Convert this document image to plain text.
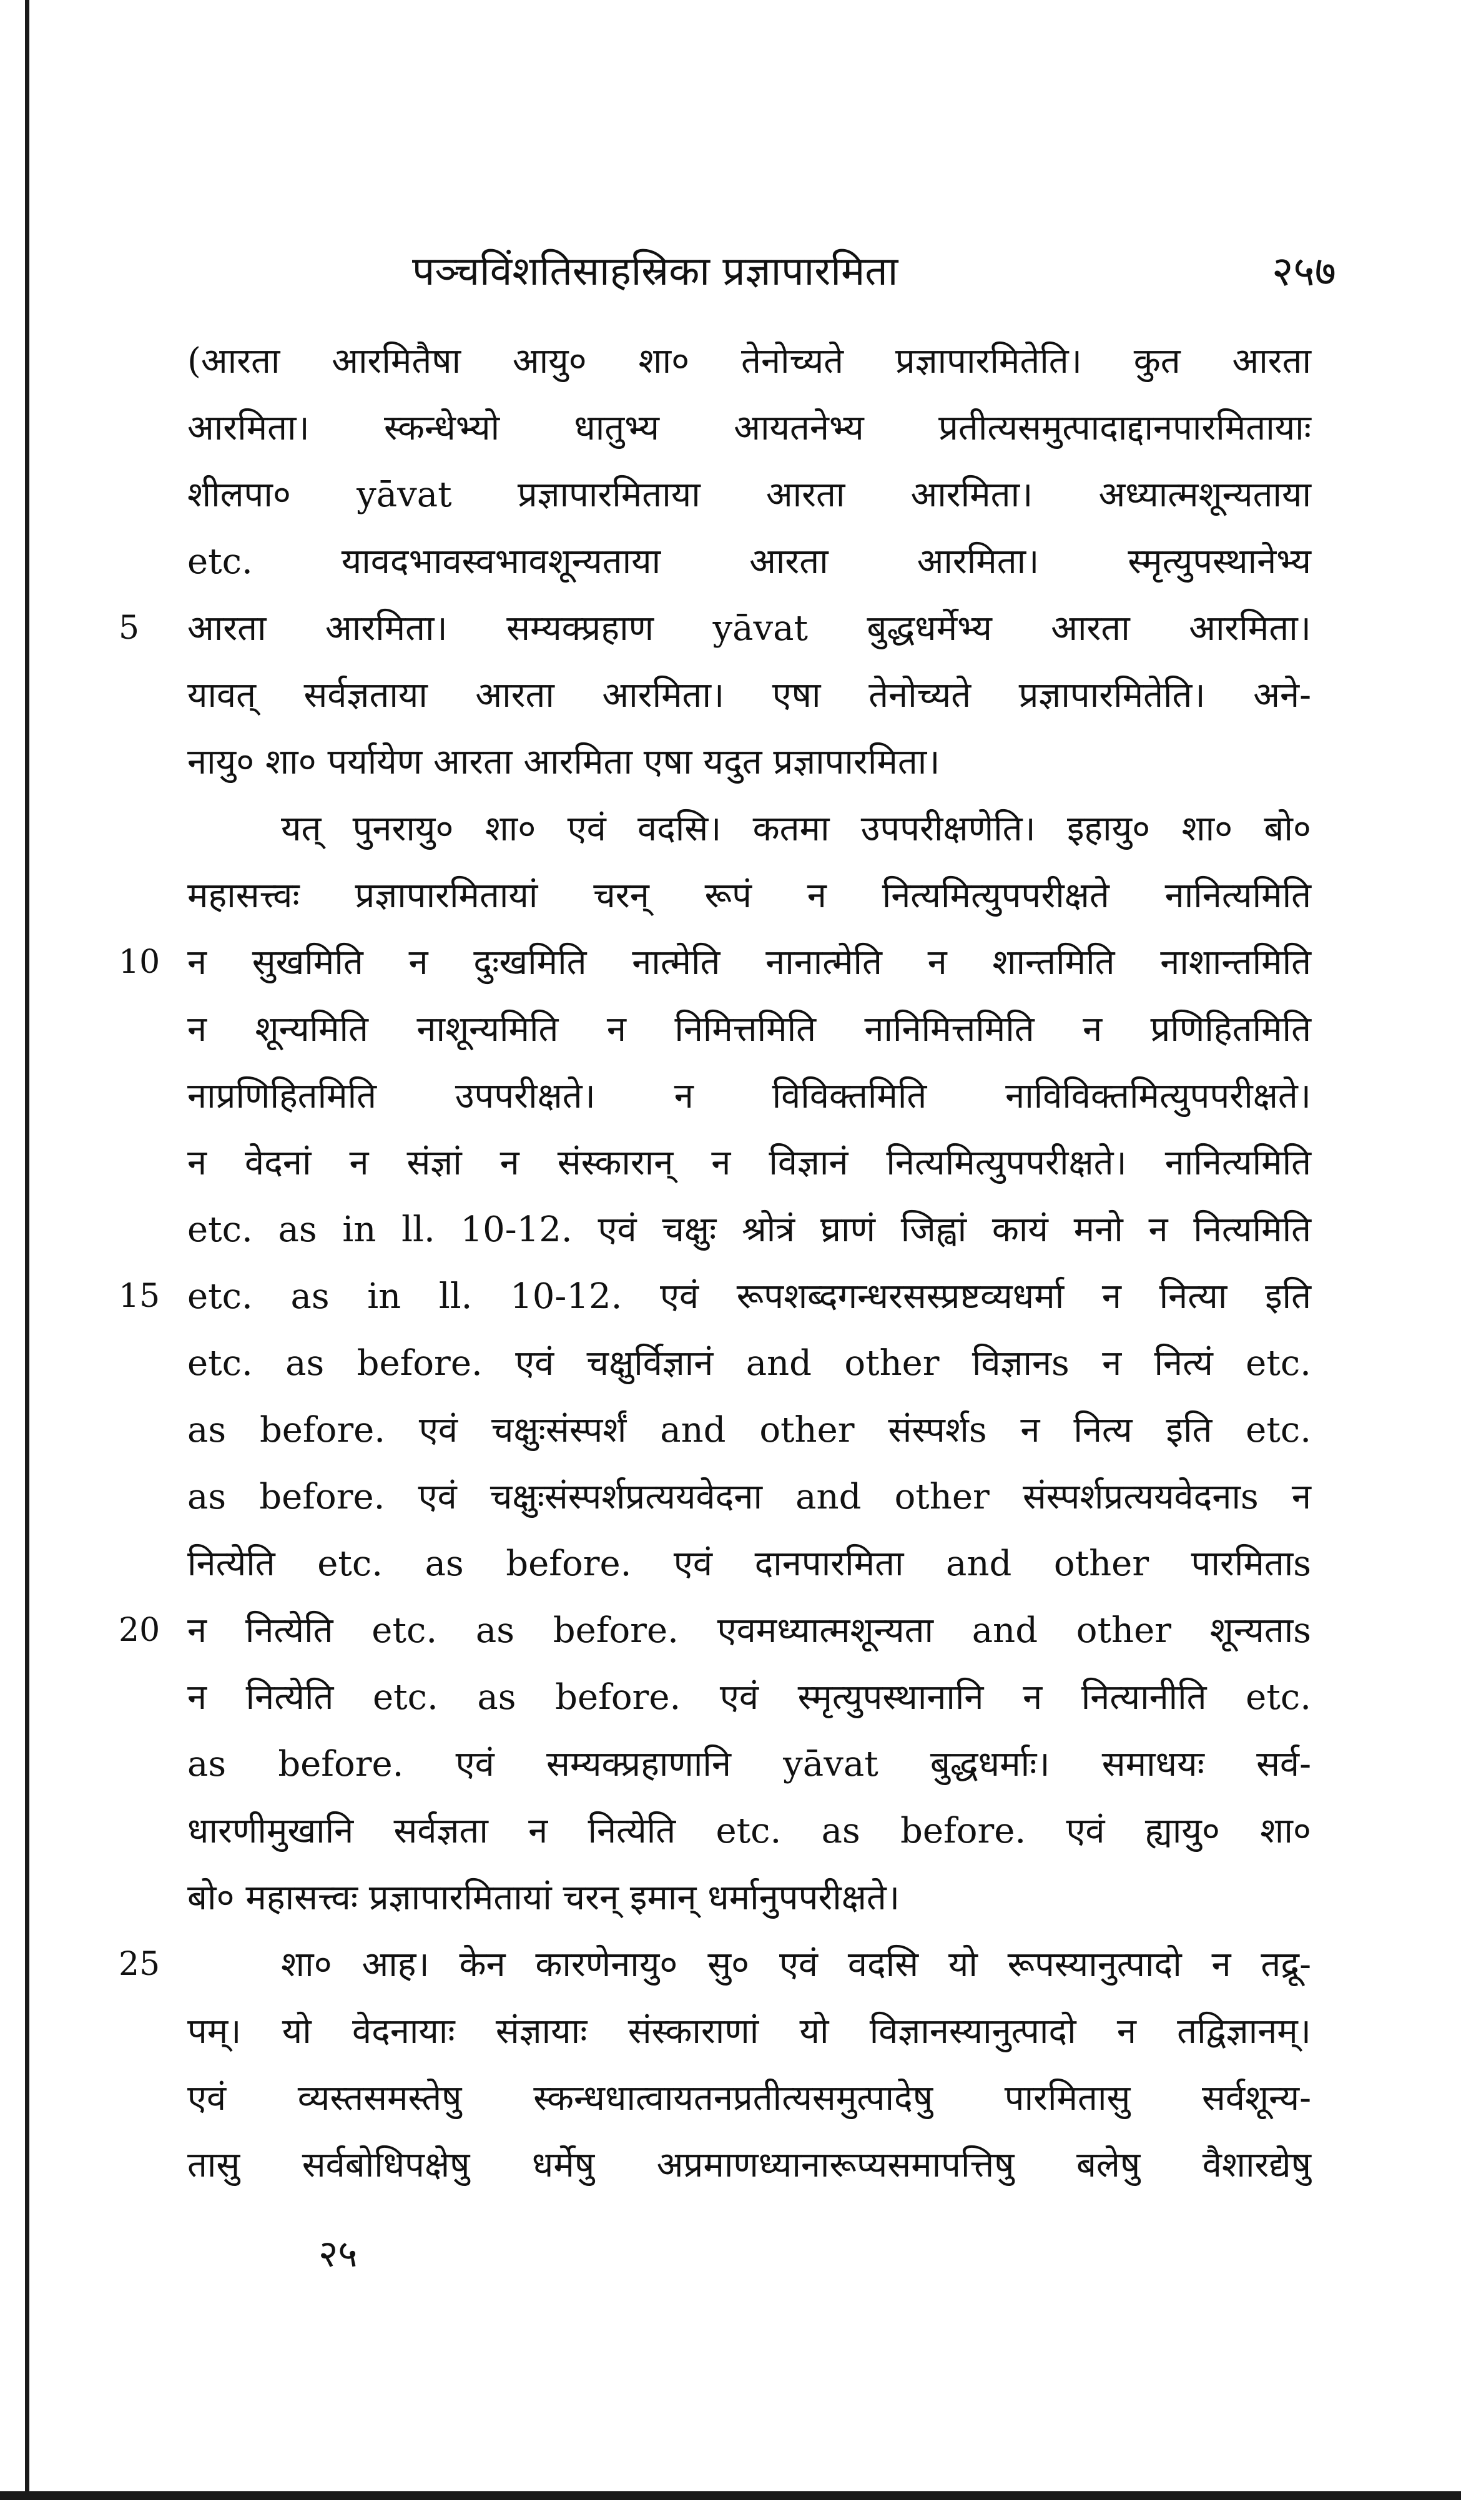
पञ्चविंशतिसाहस्रिका प्रज्ञापारमिता	२५७
(आरता आरमितैषा आयु० शा० तेनोच्यते प्रज्ञापारमितेति। कुत आरता
आरमिता। स्कन्धेभ्यो धातुभ्य आयतनेभ्य प्रतीत्यसमुत्पादाद्दानपारमितायाः
शीलपा० yāvat प्रज्ञापारमिताया आरता आरमिता। अध्यात्मशून्यताया
etc. यावदभावस्वभावशून्यताया आरता आरमिता। स्मृत्युपस्थानेभ्य
5	आरता आरमिता। सम्यक्प्रहाण yāvat बुद्धधर्मेभ्य आरता आरमिता।
यावत् सर्वज्ञताया आरता आरमिता। एषा तेनोच्यते प्रज्ञापारमितेति। अने-
नायु० शा० पर्यायेण आरता आरमिता एषा यदुत प्रज्ञापारमिता।
यत् पुनरायु० शा० एवं वदसि। कतमा उपपरीक्षणेति। इहायु० शा० बो०
महासत्त्वः प्रज्ञापारमितायां चरन् रूपं न नित्यमित्युपपरीक्षते नानित्यमिति
10 न सुखमिति न दुःखमिति नात्मेति नानात्मेति न शान्तमिति नाशान्तमिति
न शून्यमिति नाशून्यमिति न निमित्तमिति नानिमित्तमिति न प्रणिहितमिति
नाप्रणिहितमिति उपपरीक्षते। न विविक्तमिति नाविविक्तमित्युपपरीक्षते।
न वेदनां न संज्ञां न संस्कारान् न विज्ञानं नित्यमित्युपपरीक्षते। नानित्यमिति
etc. as in ll. 10-12. एवं चक्षुः श्रोत्रं घ्राणं जिह्वां कायं मनो न नित्यमिति
15 etc. as in ll. 10-12. एवं रूपशब्दगन्धरसस्प्रष्टव्यधर्मा न नित्या इति
etc. as before. एवं चक्षुर्विज्ञानं and other विज्ञानs न नित्यं etc.
as before. एवं चक्षुःसंस्पर्शं and other संस्पर्शs न नित्य इति etc.
as before. एवं चक्षुःसंस्पर्शप्रत्ययवेदना and other संस्पर्शप्रत्ययवेदनाs न
नित्येति etc. as before. एवं दानपारमिता and other पारमिताs
20 न नित्येति etc. as before. एवमध्यात्मशून्यता and other शून्यताs
न नित्येति etc. as before. एवं स्मृत्युपस्थानानि न नित्यानीति etc.
as before. एवं सम्यक्प्रहाणानि yāvat बुद्धधर्माः। समाधयः सर्व-
धारणीमुखानि सर्वज्ञता न नित्येति etc. as before. एवं ह्यायु० शा०
बो० महासत्त्वः प्रज्ञापारमितायां चरन् इमान् धर्मानुपपरीक्षते।
25	शा० आह। केन कारणेनायु० सु० एवं वदसि यो रूपस्यानुत्पादो न तद्रू-
पम्। यो वेदनायाः संज्ञायाः संस्काराणां यो विज्ञानस्यानुत्पादो न तद्विज्ञानम्।
एवं व्यस्तसमस्तेषु स्कन्धधात्वायतनप्रतीत्यसमुत्पादेषु पारमितासु सर्वशून्य-
तासु सर्वबोधिपक्षेषु धर्मेषु अप्रमाणध्यानारूप्यसमापत्तिषु बलेषु वैशारद्येषु
२५
